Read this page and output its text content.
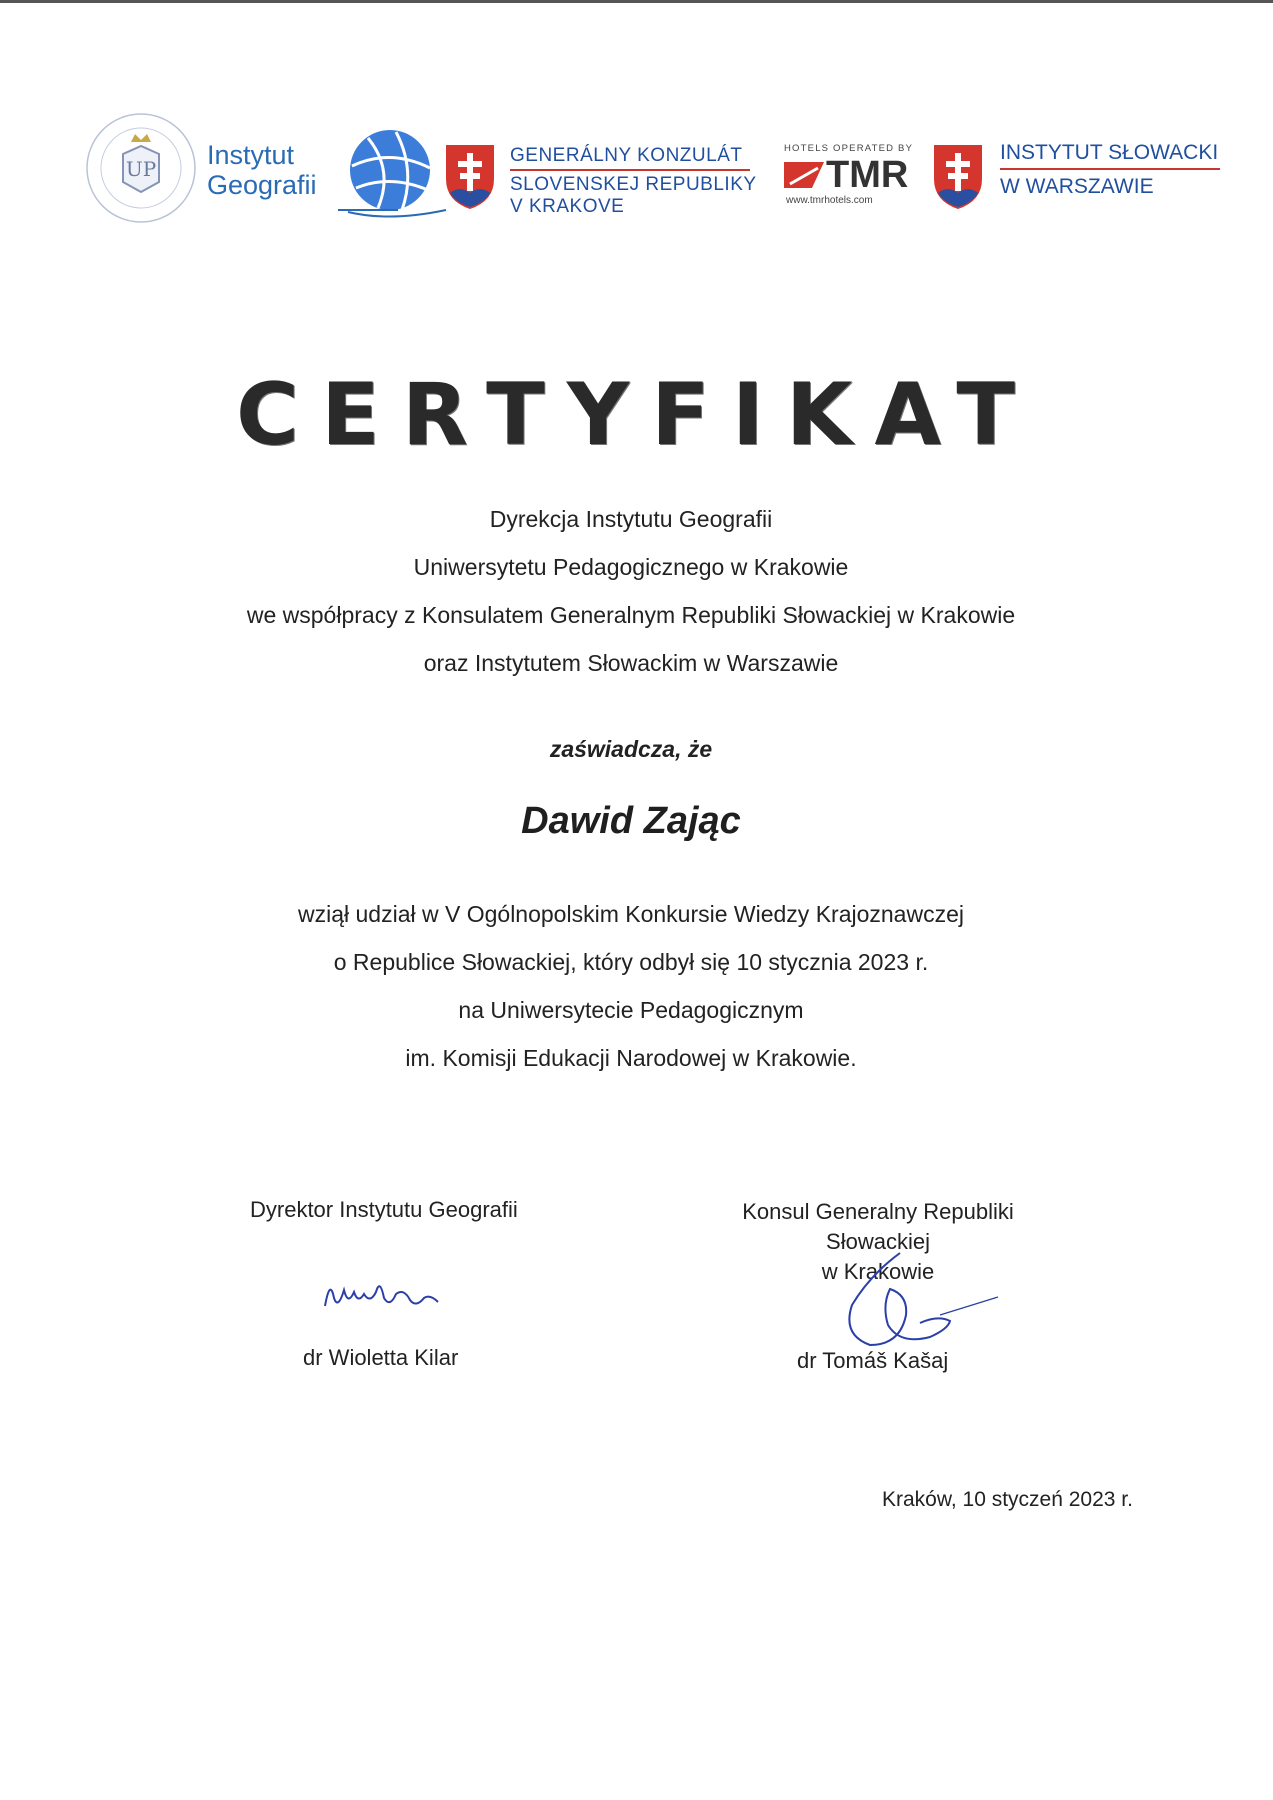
UP Instytut
Geografii
GENERÁLNY KONZULÁT
SLOVENSKEJ REPUBLIKY
V KRAKOVE
HOTELS OPERATED BY
TMR
www.tmrhotels.com
INSTYTUT SŁOWACKI
W WARSZAWIE
CERTYFIKAT
Dyrekcja Instytutu Geografii
Uniwersytetu Pedagogicznego w Krakowie
we współpracy z Konsulatem Generalnym Republiki Słowackiej w Krakowie
oraz Instytutem Słowackim w Warszawie
zaświadcza, że
Dawid Zając
wziął udział w V Ogólnopolskim Konkursie Wiedzy Krajoznawczej
o Republice Słowackiej, który odbył się 10 stycznia 2023 r.
na Uniwersytecie Pedagogicznym
im. Komisji Edukacji Narodowej w Krakowie.
Dyrektor Instytutu Geografii
dr Wioletta Kilar
Konsul Generalny Republiki Słowackiej
w Krakowie
dr Tomáš Kašaj
Kraków, 10 styczeń 2023 r.
